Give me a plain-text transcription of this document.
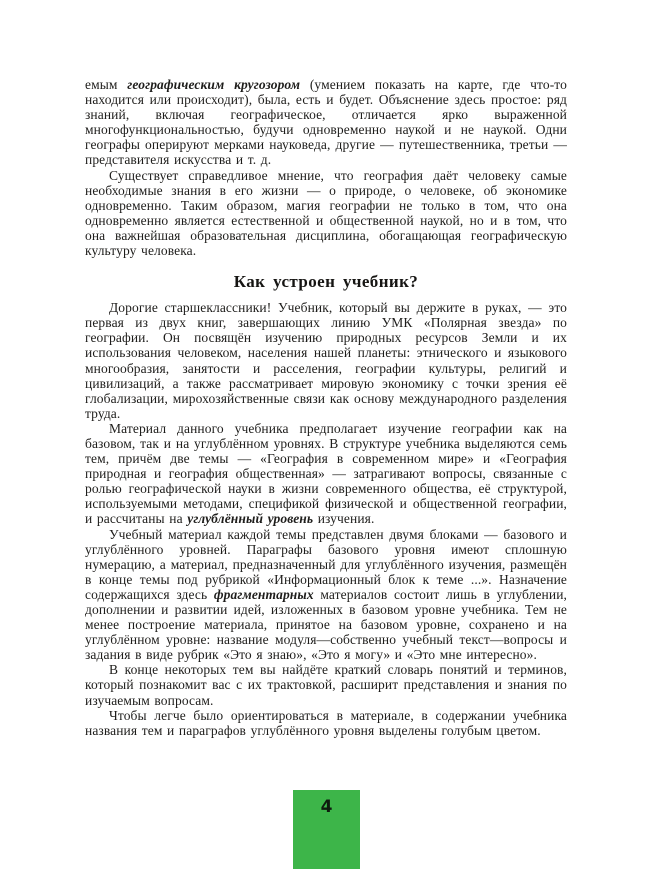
емым географическим кругозором (умением показать на карте, где что-то находится или происходит), была, есть и будет. Объяснение здесь простое: ряд знаний, включая географическое, отличается ярко выраженной многофункциональностью, будучи одновременно наукой и не наукой. Одни географы оперируют мерками науковеда, другие — путешественника, третьи — представителя искусства и т. д.

Существует справедливое мнение, что география даёт человеку самые необходимые знания в его жизни — о природе, о человеке, об экономике одновременно. Таким образом, магия географии не только в том, что она одновременно является естественной и общественной наукой, но и в том, что она важнейшая образовательная дисциплина, обогащающая географическую культуру человека.

Как устроен учебник?

Дорогие старшеклассники! Учебник, который вы держите в руках, — это первая из двух книг, завершающих линию УМК «Полярная звезда» по географии. Он посвящён изучению природных ресурсов Земли и их использования человеком, населения нашей планеты: этнического и языкового многообразия, занятости и расселения, географии культуры, религий и цивилизаций, а также рассматривает мировую экономику с точки зрения её глобализации, мирохозяйственные связи как основу международного разделения труда.

Материал данного учебника предполагает изучение географии как на базовом, так и на углублённом уровнях. В структуре учебника выделяются семь тем, причём две темы — «География в современном мире» и «География природная и география общественная» — затрагивают вопросы, связанные с ролью географической науки в жизни современного общества, её структурой, используемыми методами, спецификой физической и общественной географии, и рассчитаны на углублённый уровень изучения.

Учебный материал каждой темы представлен двумя блоками — базового и углублённого уровней. Параграфы базового уровня имеют сплошную нумерацию, а материал, предназначенный для углублённого изучения, размещён в конце темы под рубрикой «Информационный блок к теме ...». Назначение содержащихся здесь фрагментарных материалов состоит лишь в углублении, дополнении и развитии идей, изложенных в базовом уровне учебника. Тем не менее построение материала, принятое на базовом уровне, сохранено и на углублённом уровне: название модуля—собственно учебный текст—вопросы и задания в виде рубрик «Это я знаю», «Это я могу» и «Это мне интересно».

В конце некоторых тем вы найдёте краткий словарь понятий и терминов, который познакомит вас с их трактовкой, расширит представления и знания по изучаемым вопросам.

Чтобы легче было ориентироваться в материале, в содержании учебника названия тем и параграфов углублённого уровня выделены голубым цветом.

4
